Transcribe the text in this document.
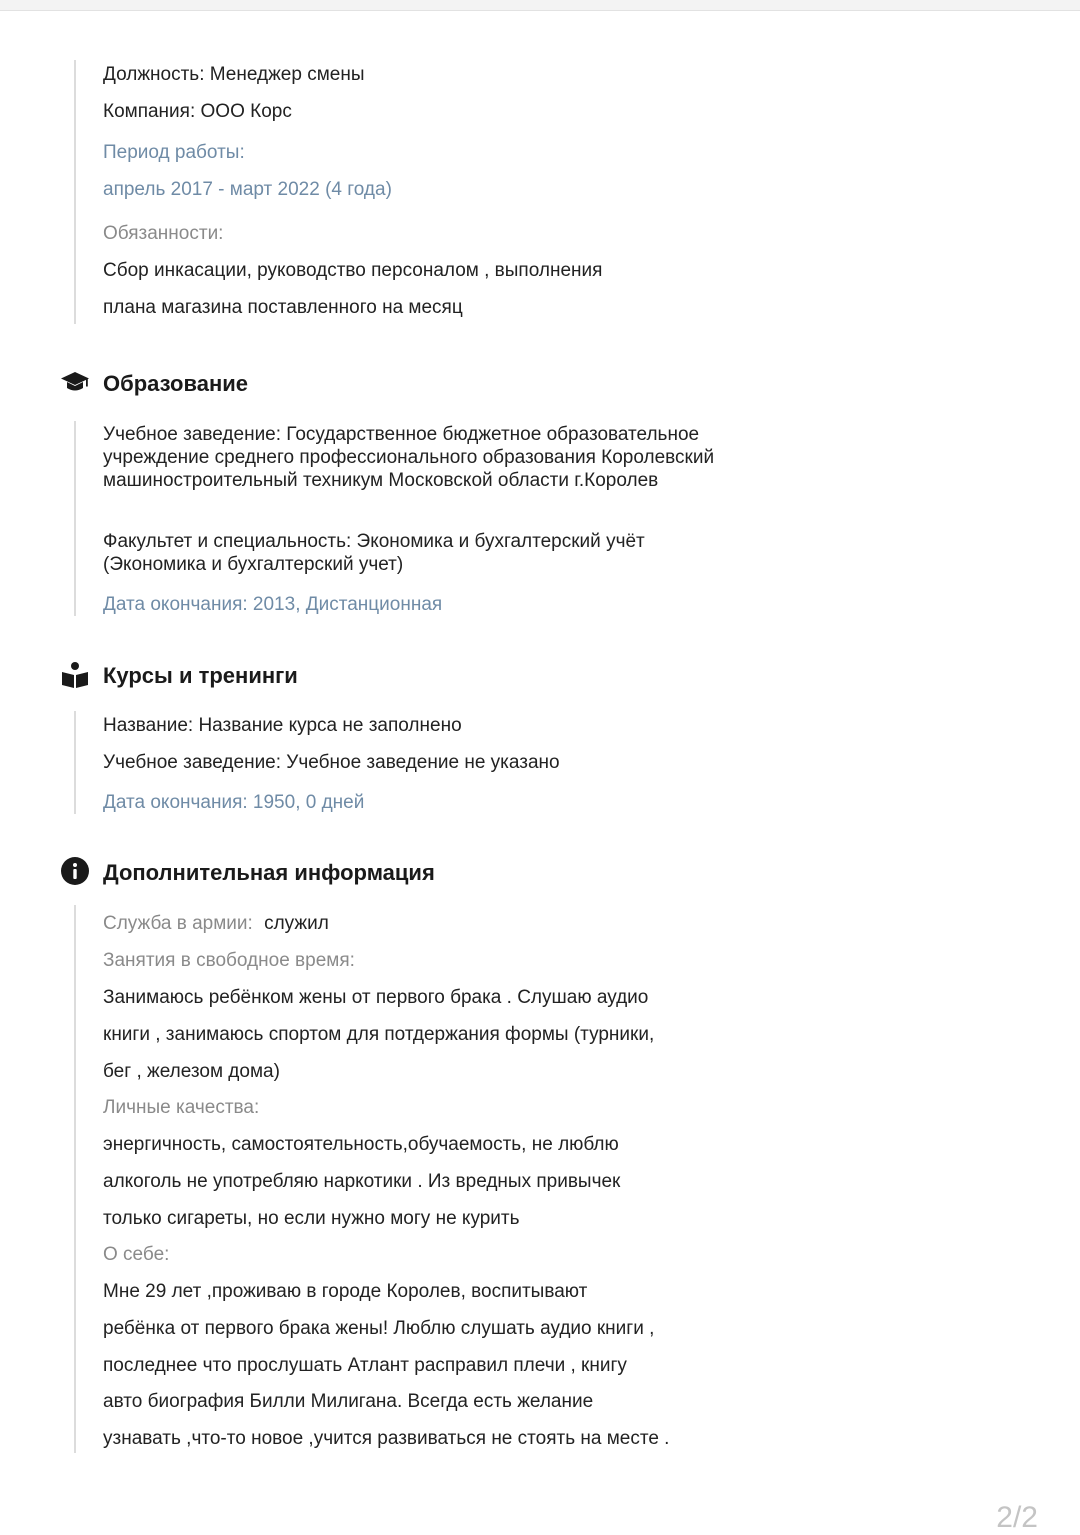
Должность: Менеджер смены
Компания: ООО Корс
Период работы:
апрель 2017 - март 2022 (4 года)
Обязанности:
Сбор инкасации, руководство персоналом , выполнения
плана магазина поставленного на месяц
Образование
Учебное заведение: Государственное бюджетное образовательное учреждение среднего профессионального образования Королевский машиностроительный техникум Московской области г.Королев
Факультет и специальность: Экономика и бухгалтерский учёт (Экономика и бухгалтерский учет)
Дата окончания: 2013, Дистанционная
Курсы и тренинги
Название: Название курса не заполнено
Учебное заведение: Учебное заведение не указано
Дата окончания: 1950, 0 дней
Дополнительная информация
Служба в армии: служил
Занятия в свободное время:
Занимаюсь ребёнком жены от первого брака . Слушаю аудио
книги , занимаюсь спортом для потдержания формы (турники,
бег , железом дома)
Личные качества:
энергичность, самостоятельность,обучаемость, не люблю
алкоголь не употребляю наркотики . Из вредных привычек
только сигареты, но если нужно могу не курить
О себе:
Мне 29 лет ,проживаю в городе Королев, воспитывают
ребёнка от первого брака жены! Люблю слушать аудио книги ,
последнее что прослушать Атлант расправил плечи , книгу
авто биография Билли Милигана. Всегда есть желание
узнавать ,что-то новое ,учится развиваться не стоять на месте .
2/2
